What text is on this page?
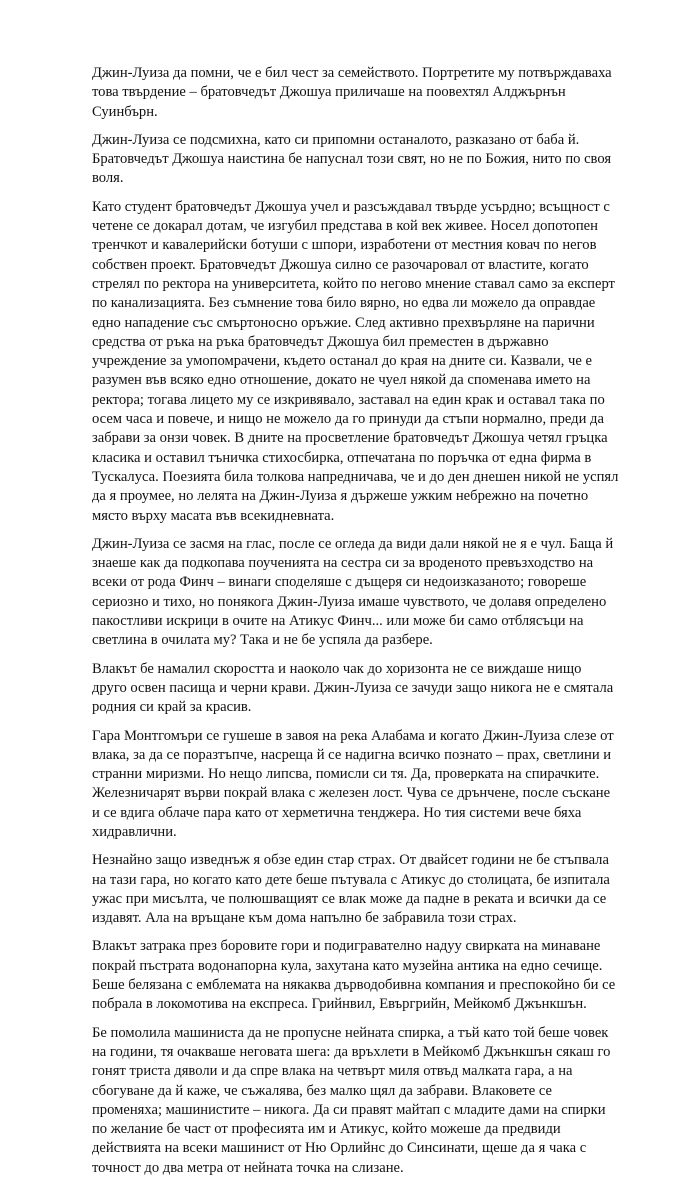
Джин-Луиза да помни, че е бил чест за семейството. Портретите му потвърждаваха това твърдение – братовчедът Джошуа приличаше на поовехтял Алджърнън Суинбърн.

Джин-Луиза се подсмихна, като си припомни останалото, разказано от баба й. Братовчедът Джошуа наистина бе напуснал този свят, но не по Божия, нито по своя воля.

Като студент братовчедът Джошуа учел и разсъждавал твърде усърдно; всъщност с четене се докарал дотам, че изгубил представа в кой век живее. Носел допотопен тренчкот и кавалерийски ботуши с шпори, изработени от местния ковач по негов собствен проект. Братовчедът Джошуа силно се разочаровал от властите, когато стрелял по ректора на университета, който по негово мнение ставал само за експерт по канализацията. Без съмнение това било вярно, но едва ли можело да оправдае едно нападение със смъртоносно оръжие. След активно прехвърляне на парични средства от ръка на ръка братовчедът Джошуа бил преместен в държавно учреждение за умопомрачени, където останал до края на дните си. Казвали, че е разумен във всяко едно отношение, докато не чуел някой да споменава името на ректора; тогава лицето му се изкривявало, заставал на един крак и оставал така по осем часа и повече, и нищо не можело да го принуди да стъпи нормално, преди да забрави за онзи човек. В дните на просветление братовчедът Джошуа четял гръцка класика и оставил тъничка стихосбирка, отпечатана по поръчка от една фирма в Тускалуса. Поезията била толкова напредничава, че и до ден днешен никой не успял да я проумее, но лелята на Джин-Луиза я държеше ужким небрежно на почетно място върху масата във всекидневната.

Джин-Луиза се засмя на глас, после се огледа да види дали някой не я е чул. Баща й знаеше как да подкопава поученията на сестра си за вроденото превъзходство на всеки от рода Финч – винаги споделяше с дъщеря си недоизказаното; говореше сериозно и тихо, но понякога Джин-Луиза имаше чувството, че долавя определено пакостливи искрици в очите на Атикус Финч... или може би само отблясъци на светлина в очилата му? Така и не бе успяла да разбере.

Влакът бе намалил скоростта и наоколо чак до хоризонта не се виждаше нищо друго освен пасища и черни крави. Джин-Луиза се зачуди защо никога не е смятала родния си край за красив.

Гара Монтгомъри се гушеше в завоя на река Алабама и когато Джин-Луиза слезе от влака, за да се поразтъпче, насреща й се надигна всичко познато – прах, светлини и странни миризми. Но нещо липсва, помисли си тя. Да, проверката на спирачките. Железничарят върви покрай влака с железен лост. Чува се дрънчене, после съскане и се вдига облаче пара като от херметична тенджера. Но тия системи вече бяха хидравлични.

Незнайно защо изведнъж я обзе един стар страх. От двайсет години не бе стъпвала на тази гара, но когато като дете беше пътувала с Атикус до столицата, бе изпитала ужас при мисълта, че полюшващият се влак може да падне в реката и всички да се издавят. Ала на връщане към дома напълно бе забравила този страх.

Влакът затрака през боровите гори и подигравателно надуу свирката на минаване покрай пъстрата водонапорна кула, захутана като музейна антика на едно сечище. Беше белязана с емблемата на някаква дърводобивна компания и преспокойно би се побрала в локомотива на експреса. Грийнвил, Евъргрийн, Мейкомб Джънкшън.

Бе помолила машиниста да не пропусне нейната спирка, а тъй като той беше човек на години, тя очакваше неговата шега: да връхлети в Мейкомб Джънкшън сякаш го гонят триста дяволи и да спре влака на четвърт миля отвъд малката гара, а на сбогуване да й каже, че съжалява, без малко щял да забрави. Влаковете се променяха; машинистите – никога. Да си правят майтап с младите дами на спирки по желание бе част от професията им и Атикус, който можеше да предвиди действията на всеки машинист от Ню Орлийнс до Синсинати, щеше да я чака с точност до два метра от нейната точка на слизане.
